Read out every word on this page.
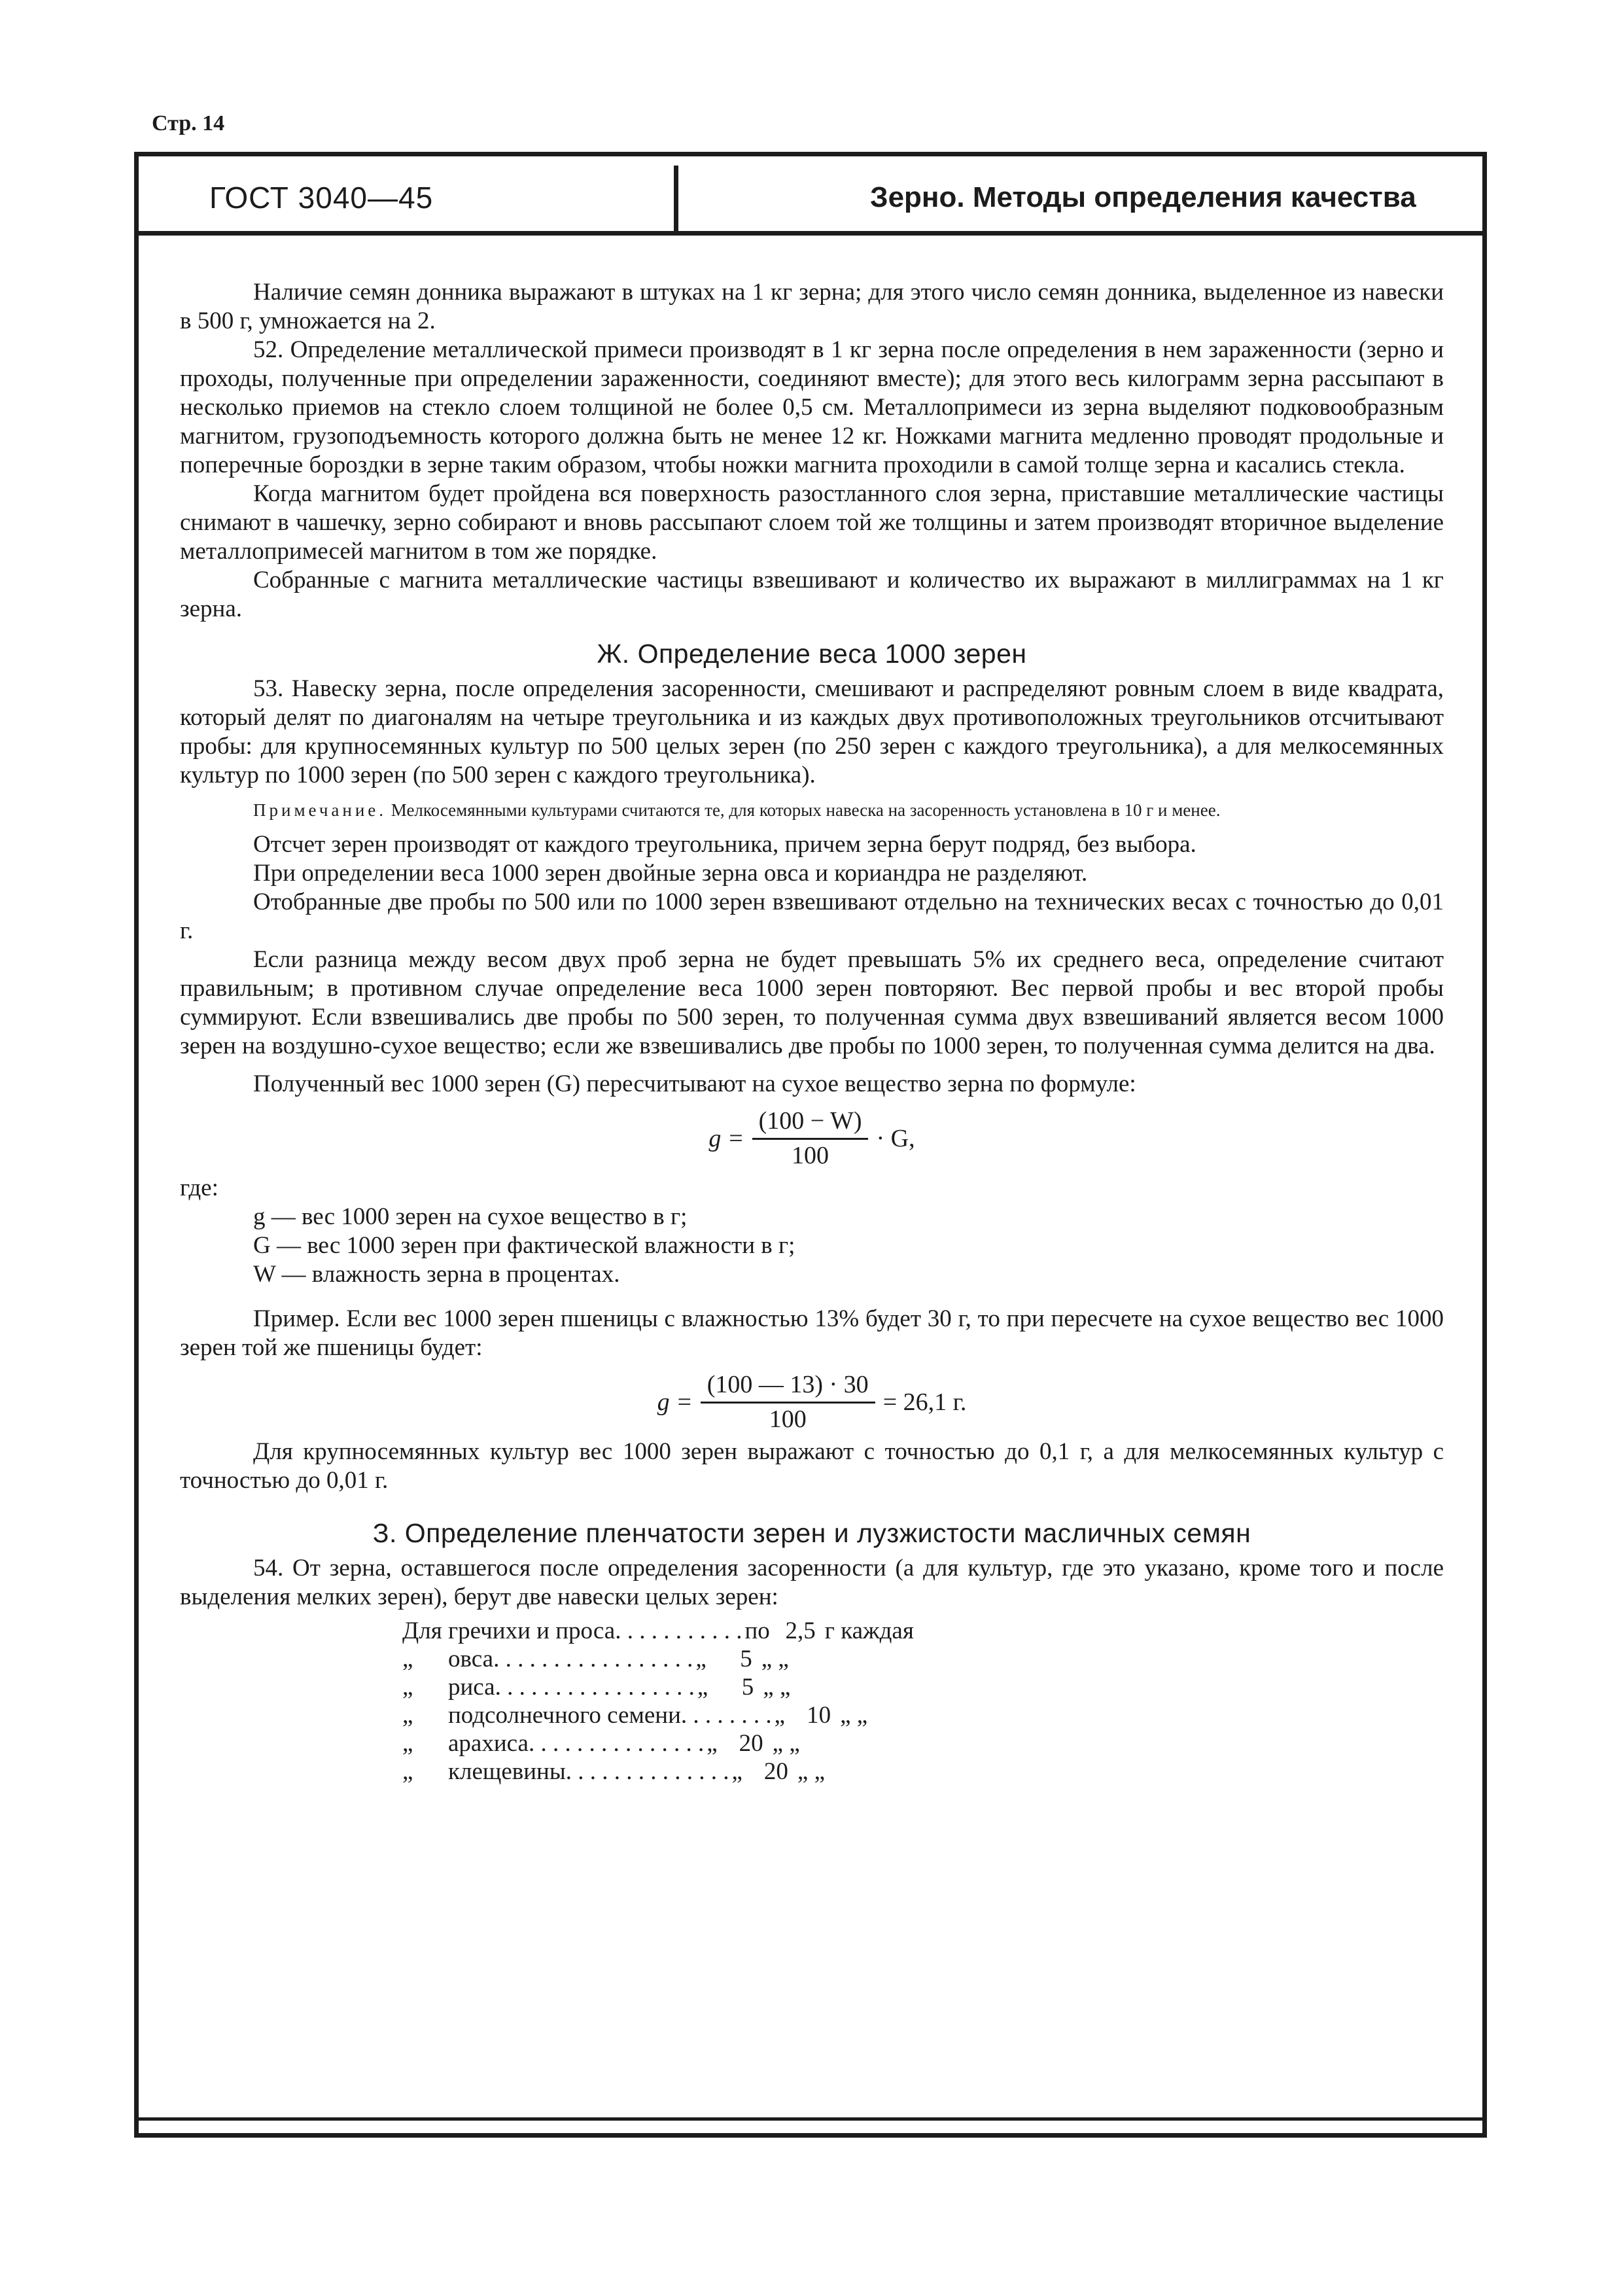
Стр. 14
ГОСТ 3040—45	Зерно. Методы определения качества

Наличие семян донника выражают в штуках на 1 кг зерна; для этого число семян донника, выделенное из навески в 500 г, умножается на 2.

52. Определение металлической примеси производят в 1 кг зерна после определения в нем зараженности (зерно и проходы, полученные при определении зараженности, соединяют вместе); для этого весь килограмм зерна рассыпают в несколько приемов на стекло слоем толщиной не более 0,5 см. Металлопримеси из зерна выделяют подковообразным магнитом, грузоподъемность которого должна быть не менее 12 кг. Ножками магнита медленно проводят продольные и поперечные бороздки в зерне таким образом, чтобы ножки магнита проходили в самой толще зерна и касались стекла.

Когда магнитом будет пройдена вся поверхность разостланного слоя зерна, приставшие металлические частицы снимают в чашечку, зерно собирают и вновь рассыпают слоем той же толщины и затем производят вторичное выделение металлопримесей магнитом в том же порядке.

Собранные с магнита металлические частицы взвешивают и количество их выражают в миллиграммах на 1 кг зерна.

Ж. Определение веса 1000 зерен

53. Навеску зерна, после определения засоренности, смешивают и распределяют ровным слоем в виде квадрата, который делят по диагоналям на четыре треугольника и из каждых двух противоположных треугольников отсчитывают пробы: для крупносемянных культур по 500 целых зерен (по 250 зерен с каждого треугольника), а для мелкосемянных культур по 1000 зерен (по 500 зерен с каждого треугольника).

Примечание. Мелкосемянными культурами считаются те, для которых навеска на засоренность установлена в 10 г и менее.

Отсчет зерен производят от каждого треугольника, причем зерна берут подряд, без выбора.

При определении веса 1000 зерен двойные зерна овса и кориандра не разделяют.

Отобранные две пробы по 500 или по 1000 зерен взвешивают отдельно на технических весах с точностью до 0,01 г.

Если разница между весом двух проб зерна не будет превышать 5% их среднего веса, определение считают правильным; в противном случае определение веса 1000 зерен повторяют. Вес первой пробы и вес второй пробы суммируют. Если взвешивались две пробы по 500 зерен, то полученная сумма двух взвешиваний является весом 1000 зерен на воздушно-сухое вещество; если же взвешивались две пробы по 1000 зерен, то полученная сумма делится на два.

Полученный вес 1000 зерен (G) пересчитывают на сухое вещество зерна по формуле:

$g = \frac{(100 - W)}{100} \cdot G$,

где:

g — вес 1000 зерен на сухое вещество в г;
G — вес 1000 зерен при фактической влажности в г;
W — влажность зерна в процентах.

Пример. Если вес 1000 зерен пшеницы с влажностью 13% будет 30 г, то при пересчете на сухое вещество вес 1000 зерен той же пшеницы будет:

$g = \frac{(100 — 13) \cdot 30}{100} = 26,1$ г.

Для крупносемянных культур вес 1000 зерен выражают с точностью до 0,1 г, а для мелкосемянных культур с точностью до 0,01 г.

З. Определение пленчатости зерен и лузжистости масличных семян

54. От зерна, оставшегося после определения засоренности (а для культур, где это указано, кроме того и после выделения мелких зерен), берут две навески целых зерен:

Для гречихи и проса . . . . . . . . . . . по 2,5 г каждая
„	овса . . . . . . . . . . . . . . . . . „	5 „ „
„	риса . . . . . . . . . . . . . . . . . „	5 „ „
„	подсолнечного семени . . . . . . . . „ 10 „ „
„	арахиса . . . . . . . . . . . . . . . „ 20 „ „
„	клещевины . . . . . . . . . . . . . . „ 20 „ „
